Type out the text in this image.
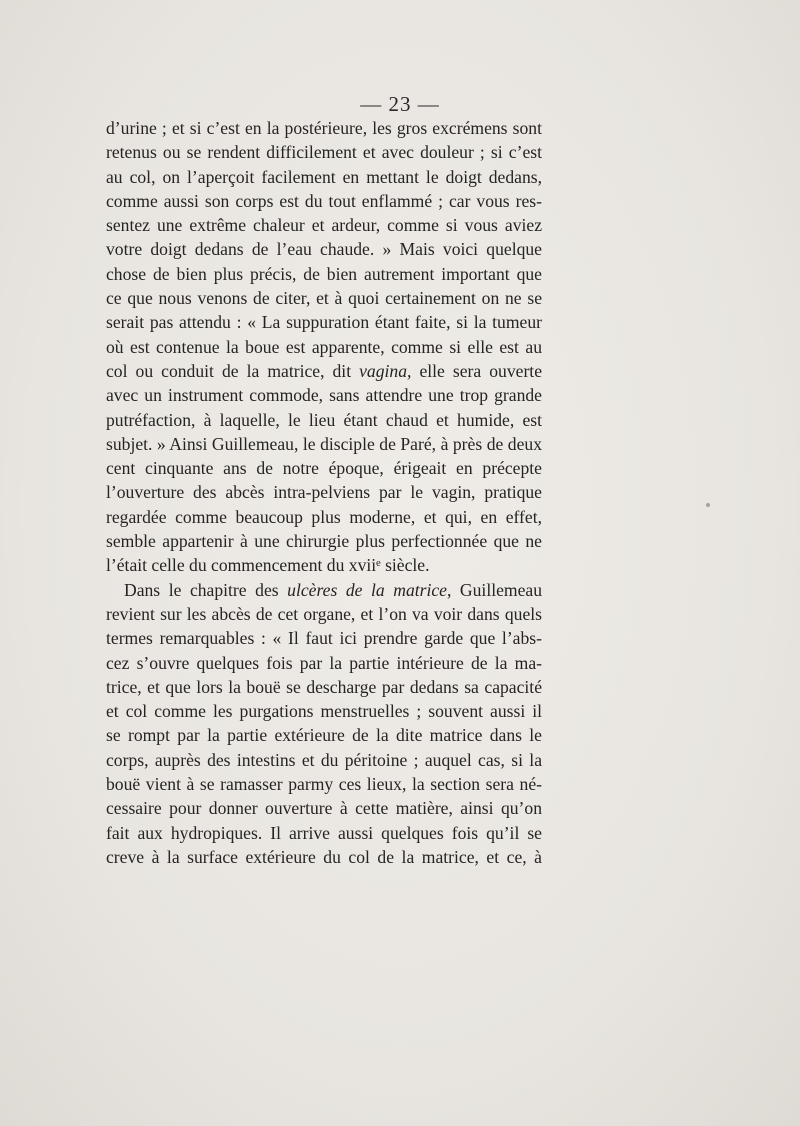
— 23 —
d’urine ; et si c’est en la postérieure, les gros excrémens sont
retenus ou se rendent difficilement et avec douleur ; si c’est
au col, on l’aperçoit facilement en mettant le doigt dedans,
comme aussi son corps est du tout enflammé ; car vous res-
sentez une extrême chaleur et ardeur, comme si vous aviez
votre doigt dedans de l’eau chaude. » Mais voici quelque
chose de bien plus précis, de bien autrement important que
ce que nous venons de citer, et à quoi certainement on ne se
serait pas attendu : « La suppuration étant faite, si la tumeur
où est contenue la boue est apparente, comme si elle est au
col ou conduit de la matrice, dit vagina, elle sera ouverte
avec un instrument commode, sans attendre une trop grande
putréfaction, à laquelle, le lieu étant chaud et humide, est
subjet. » Ainsi Guillemeau, le disciple de Paré, à près de deux
cent cinquante ans de notre époque, érigeait en précepte
l’ouverture des abcès intra-pelviens par le vagin, pratique
regardée comme beaucoup plus moderne, et qui, en effet,
semble appartenir à une chirurgie plus perfectionnée que ne
l’était celle du commencement du xviiᵉ siècle.
Dans le chapitre des ulcères de la matrice, Guillemeau
revient sur les abcès de cet organe, et l’on va voir dans quels
termes remarquables : « Il faut ici prendre garde que l’abs-
cez s’ouvre quelques fois par la partie intérieure de la ma-
trice, et que lors la bouë se descharge par dedans sa capacité
et col comme les purgations menstruelles ; souvent aussi il
se rompt par la partie extérieure de la dite matrice dans le
corps, auprès des intestins et du péritoine ; auquel cas, si la
bouë vient à se ramasser parmy ces lieux, la section sera né-
cessaire pour donner ouverture à cette matière, ainsi qu’on
fait aux hydropiques. Il arrive aussi quelques fois qu’il se
creve à la surface extérieure du col de la matrice, et ce, à
